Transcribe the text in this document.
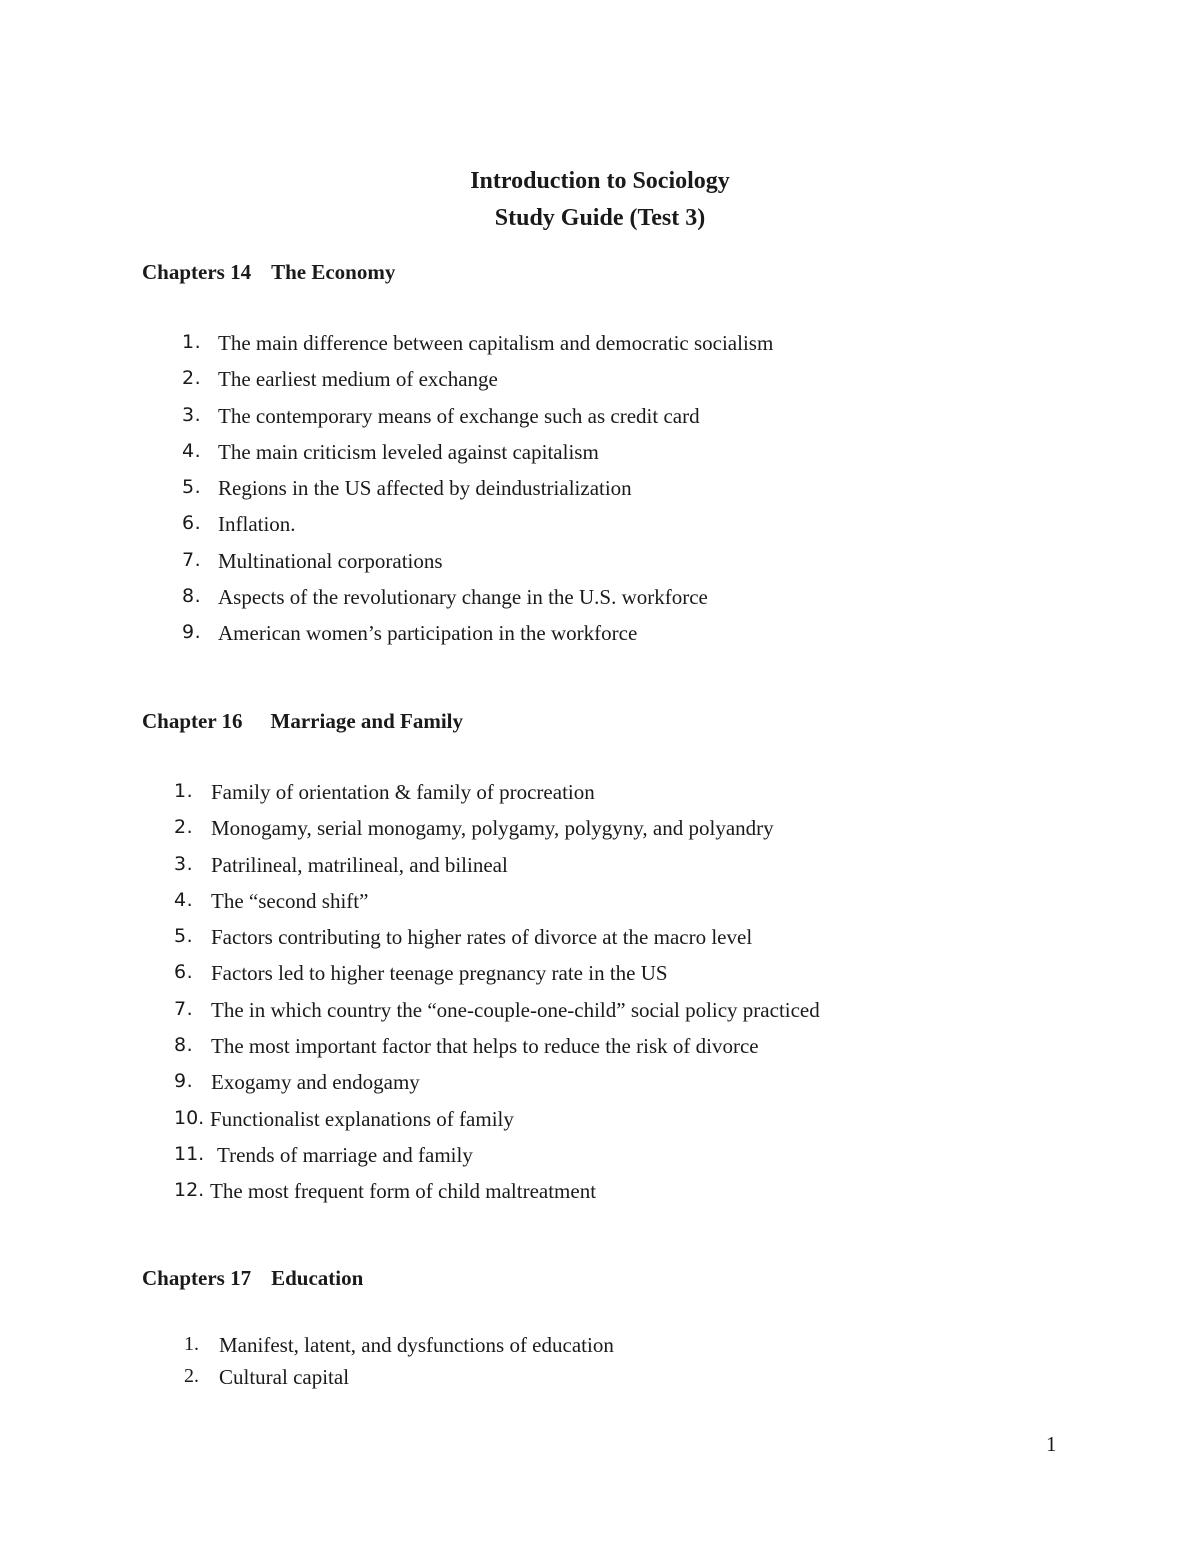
Introduction to Sociology
Study Guide (Test 3)
Chapters 14 The Economy
1. The main difference between capitalism and democratic socialism
2. The earliest medium of exchange
3. The contemporary means of exchange such as credit card
4. The main criticism leveled against capitalism
5. Regions in the US affected by deindustrialization
6. Inflation.
7. Multinational corporations
8. Aspects of the revolutionary change in the U.S. workforce
9. American women’s participation in the workforce
Chapter 16 Marriage and Family
1. Family of orientation & family of procreation
2. Monogamy, serial monogamy, polygamy, polygyny, and polyandry
3. Patrilineal, matrilineal, and bilineal
4. The “second shift”
5. Factors contributing to higher rates of divorce at the macro level
6. Factors led to higher teenage pregnancy rate in the US
7. The in which country the “one-couple-one-child” social policy practiced
8. The most important factor that helps to reduce the risk of divorce
9. Exogamy and endogamy
10. Functionalist explanations of family
11. Trends of marriage and family
12. The most frequent form of child maltreatment
Chapters 17 Education
1. Manifest, latent, and dysfunctions of education
2. Cultural capital
1
